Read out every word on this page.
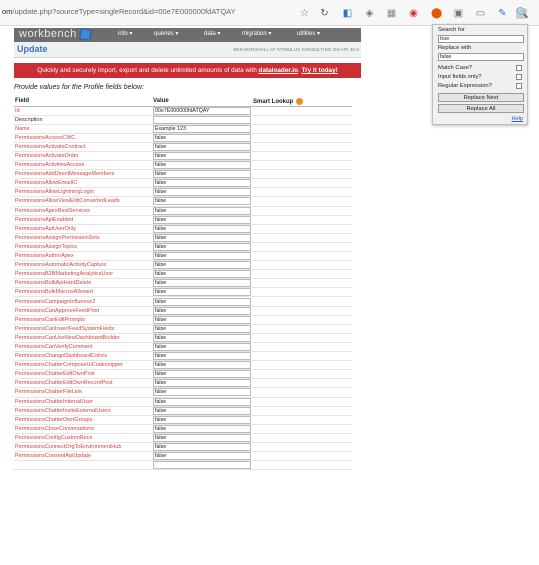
om/update.php?sourceType=singleRecord&id=00e7E000000fdATQAY	☆ ↻ ◧ ◈ ▦ ◉ ⬤ ▣ ▭ ✎ 🔍
workbench	info ▾	queries ▾	data ▾	migration ▾	utilities ▾
Update	BEN MARSHALL AT STIMULUS CONSULTING ON API 45.0
Quickly and securely import, export and delete unlimited amounts of data with dataloader.io. Try it today!
Provide values for the Profile fields below:
Field	Value	Smart Lookup
Id	00e7E000000fdATQAY	

Description	

Name	Example 123	

PermissionsAccessCMC	false	

PermissionsActivateContract	false	

PermissionsActivateOrder	false	

PermissionsActivitiesAccess	false	

PermissionsAddDirectMessageMembers	false	

PermissionsAllowEmailIC	false	

PermissionsAllowLightningLogin	false	

PermissionsAllowViewEditConvertedLeads	false	

PermissionsApexRestServices	false	

PermissionsApiEnabled	false	

PermissionsApiUserOnly	false	

PermissionsAssignPermissionSets	false	

PermissionsAssignTopics	false	

PermissionsAuthorApex	false	

PermissionsAutomaticActivityCapture	false	

PermissionsB2BMarketingAnalyticsUser	false	

PermissionsBulkApiHardDelete	false	

PermissionsBulkMacrosAllowed	false	

PermissionsCampaignInfluence2	false	

PermissionsCanApproveFeedPost	false	

PermissionsCanEditPrompts	false	

PermissionsCanInsertFeedSystemFields	false	

PermissionsCanUseNewDashboardBuilder	false	

PermissionsCanVerifyComment	false	

PermissionsChangeDashboardColors	false	

PermissionsChatterComposeUiCodesnippet	false	

PermissionsChatterEditOwnPost	false	

PermissionsChatterEditOwnRecordPost	false	

PermissionsChatterFileLink	false	

PermissionsChatterInternalUser	false	

PermissionsChatterInviteExternalUsers	false	

PermissionsChatterOwnGroups	false	

PermissionsCloseConversations	false	

PermissionsConfigCustomRecs	false	

PermissionsConnectOrgToEnvironmentHub	false	

PermissionsConsentApiUpdate	false	

Search for
true
Replace with
false
Match Case?
Input fields only?
Regular Expression?
Replace Next
Replace All
Help
